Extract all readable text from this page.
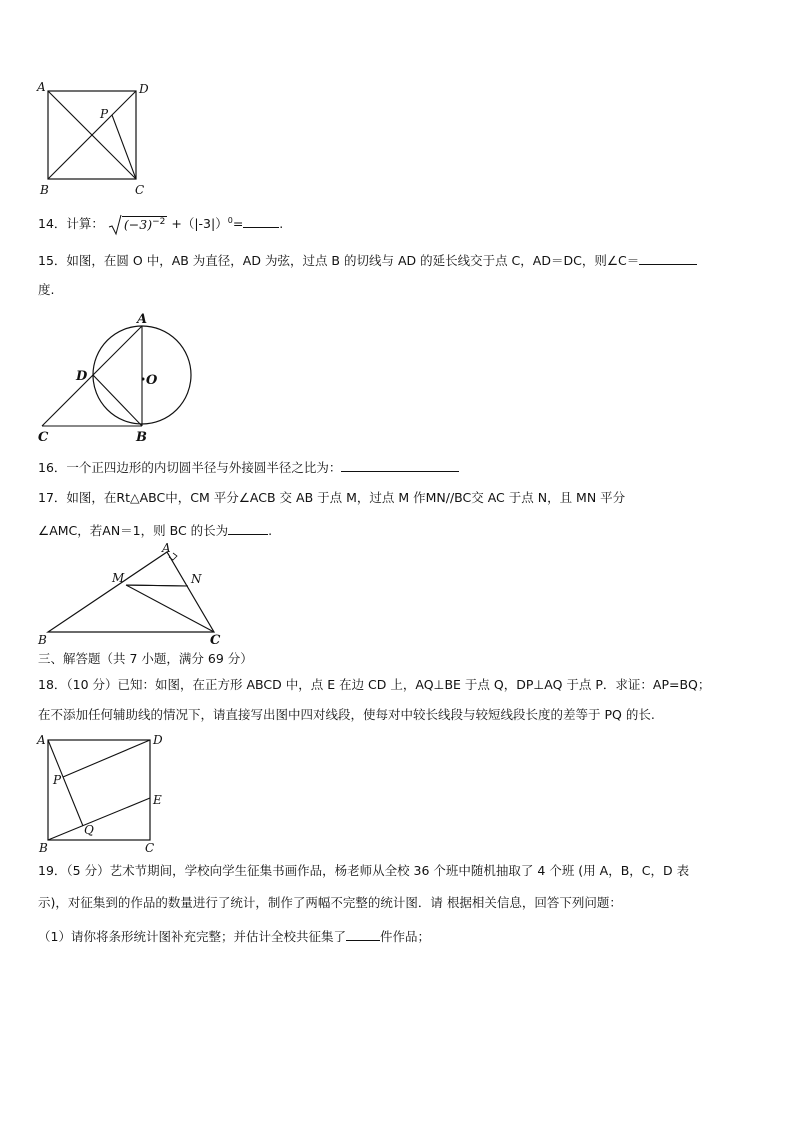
A	D
P
B	C
14．计算： $(-3)^{-2} +(|-3|)^0=$	.
15．如图，在圆 O 中，AB 为直径，AD 为弦，过点 B 的切线与 AD 的延长线交于点 C，AD＝DC，则∠C＝
度.
A
O
D
C	B
16．一个正四边形的内切圆半径与外接圆半径之比为：
17．如图，在Rt△ABC中，CM 平分∠ACB 交 AB 于点 M，过点 M 作MN//BC交 AC 于点 N，且 MN 平分
∠AMC，若AN＝1，则 BC 的长为	.
A
M	N
B	C
三、解答题（共 7 小题，满分 69 分）
18．（10 分）已知：如图，在正方形 ABCD 中，点 E 在边 CD 上，AQ⊥BE 于点 Q，DP⊥AQ 于点 P．求证：AP=BQ；
在不添加任何辅助线的情况下，请直接写出图中四对线段，使每对中较长线段与较短线段长度的差等于 PQ 的长.
A	D
P
E
Q
B	C
19．（5 分）艺术节期间，学校向学生征集书画作品，杨老师从全校 36 个班中随机抽取了 4 个班 (用 A，B，C，D 表
示)，对征集到的作品的数量进行了统计，制作了两幅不完整的统计图．请 根据相关信息，回答下列问题：
（1）请你将条形统计图补充完整；并估计全校共征集了	件作品；
